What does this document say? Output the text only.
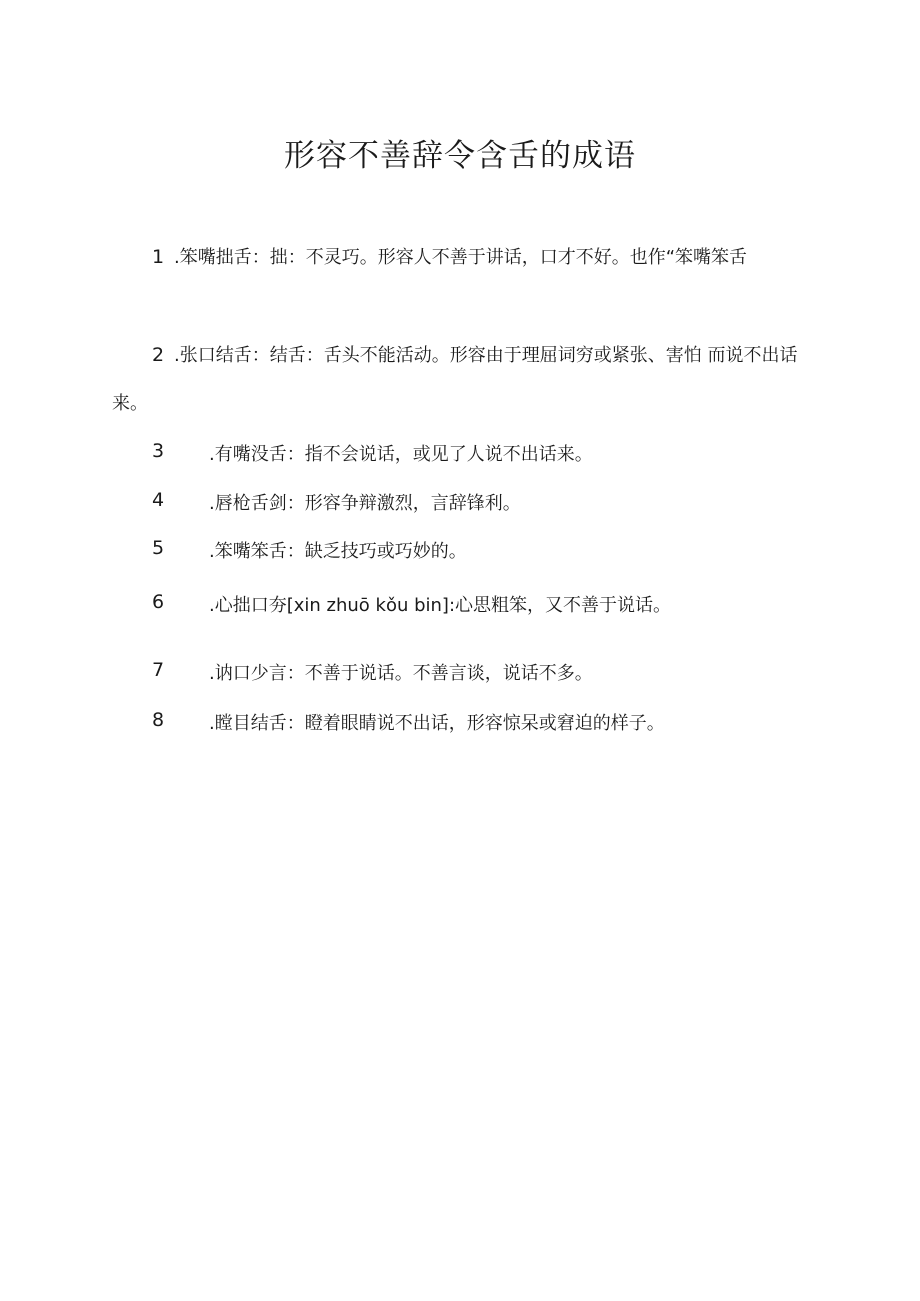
形容不善辞令含舌的成语
1 .笨嘴拙舌：拙：不灵巧。形容人不善于讲话，口才不好。也作“笨嘴笨舌
2 .张口结舌：结舌：舌头不能活动。形容由于理屈词穷或紧张、害怕 而说不出话来。
3 .有嘴没舌：指不会说话，或见了人说不出话来。
4 .唇枪舌剑：形容争辩激烈，言辞锋利。
5 .笨嘴笨舌：缺乏技巧或巧妙的。
6 .心拙口夯[xin zhuō kǒu bin]:心思粗笨，又不善于说话。
7 .讷口少言：不善于说话。不善言谈，说话不多。
8 .瞠目结舌：瞪着眼睛说不出话，形容惊呆或窘迫的样子。
